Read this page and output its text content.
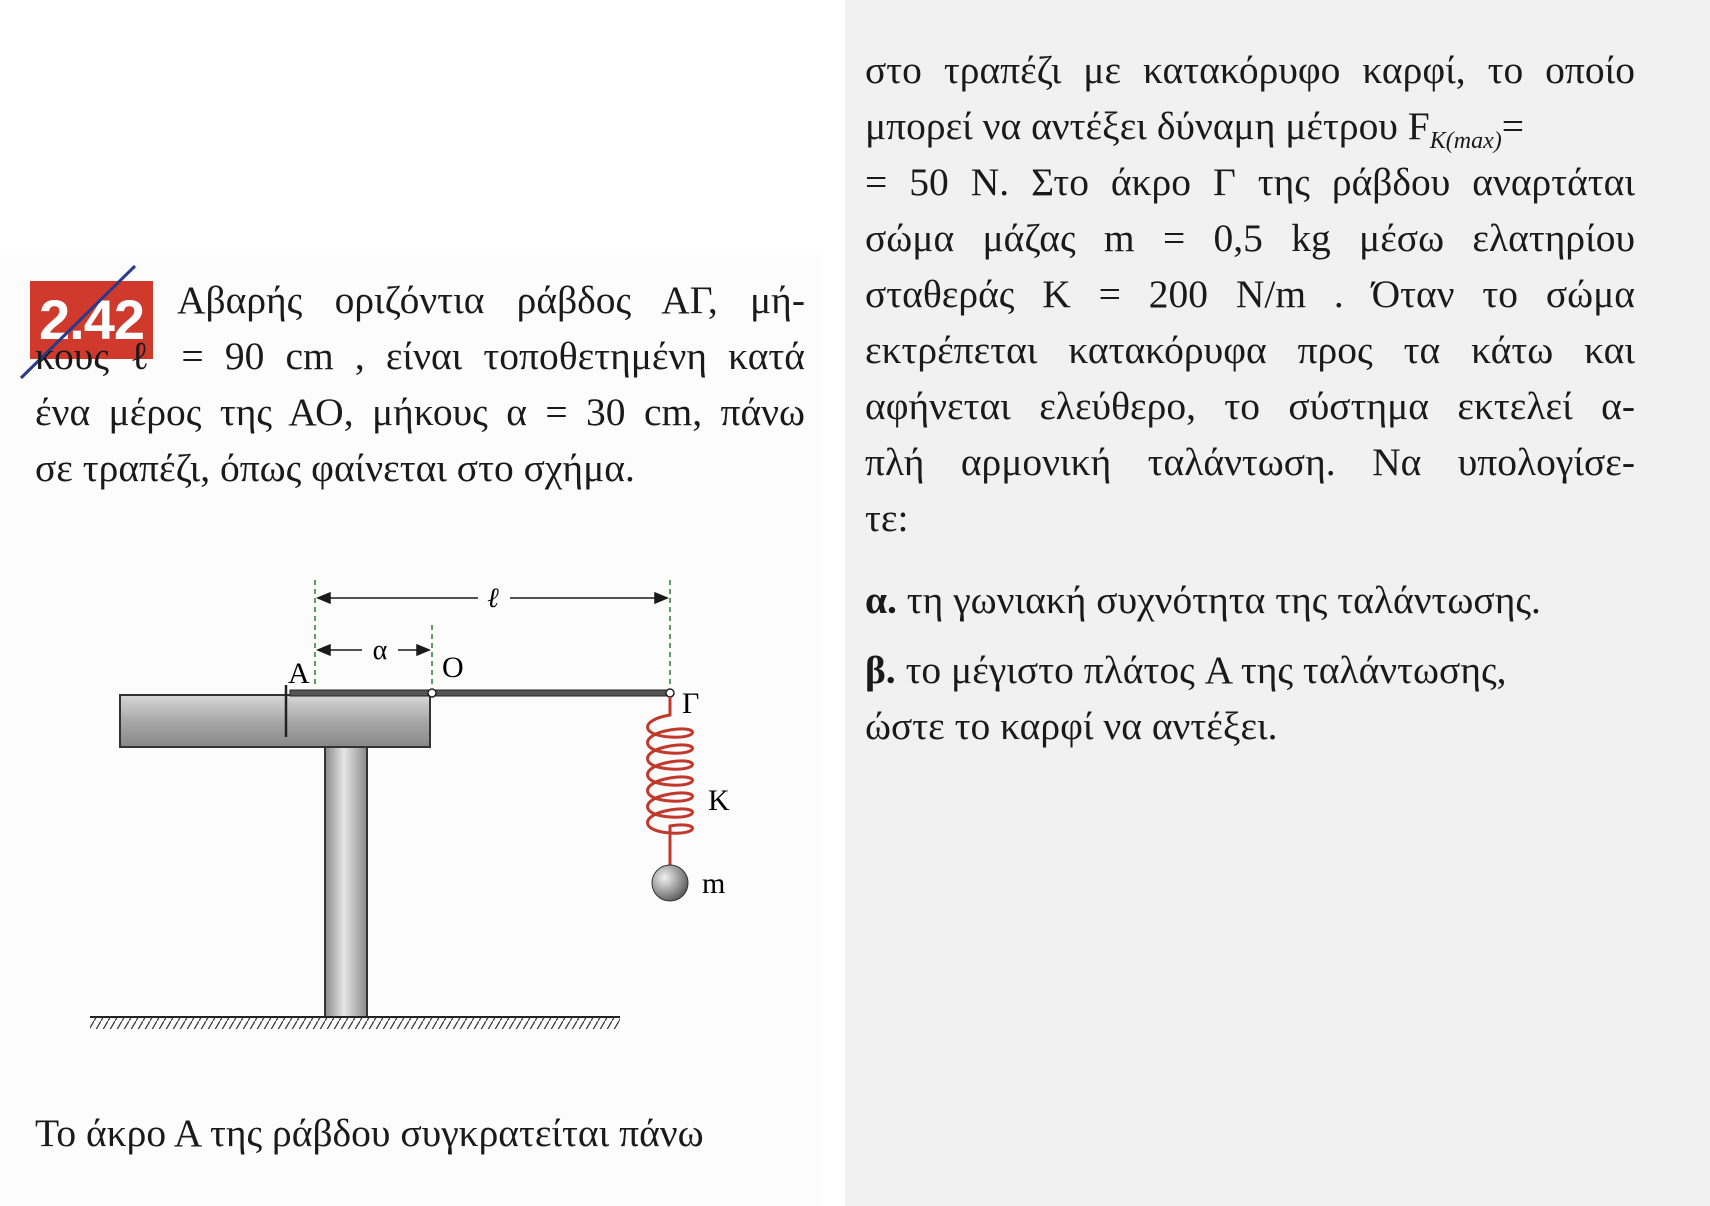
2.42 Αβαρής οριζόντια ράβδος ΑΓ, μή-
κους ℓ = 90 cm , είναι τοποθετημένη κατά
ένα μέρος της ΑΟ, μήκους α = 30 cm, πάνω
σε τραπέζι, όπως φαίνεται στο σχήμα.
ℓ
α
A	O
Γ
K
m
Το άκρο Α της ράβδου συγκρατείται πάνω
στο τραπέζι με κατακόρυφο καρφί, το οποίο
μπορεί να αντέξει δύναμη μέτρου $F_{K(max)}=$
= 50 Ν. Στο άκρο Γ της ράβδου αναρτάται
σώμα μάζας m = 0,5 kg μέσω ελατηρίου
σταθεράς K = 200 N/m . Όταν το σώμα
εκτρέπεται κατακόρυφα προς τα κάτω και
αφήνεται ελεύθερο, το σύστημα εκτελεί α-
πλή αρμονική ταλάντωση. Να υπολογίσε-
τε:
α. τη γωνιακή συχνότητα της ταλάντωσης.
β. το μέγιστο πλάτος A της ταλάντωσης,
ώστε το καρφί να αντέξει.
